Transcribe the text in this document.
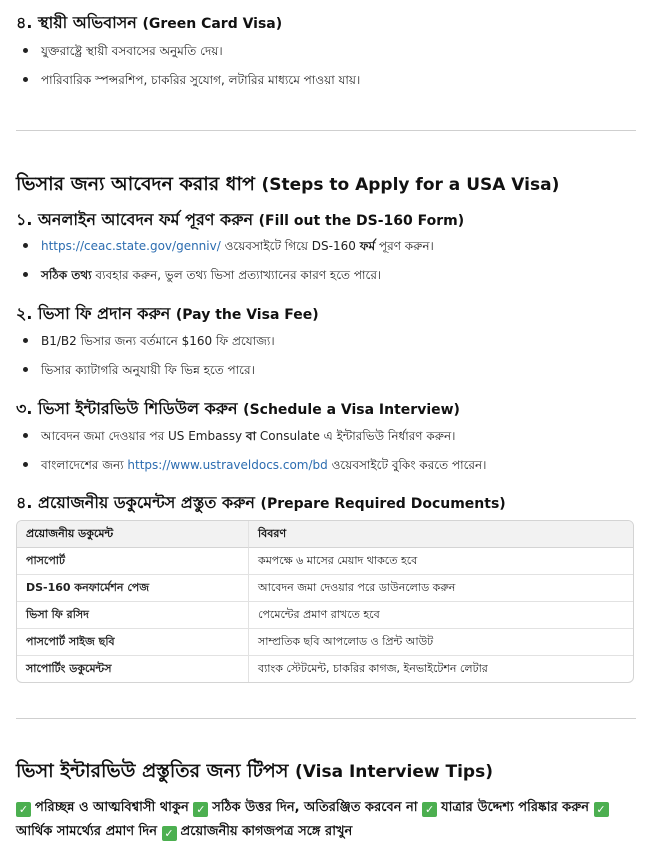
৪. স্থায়ী অভিবাসন (Green Card Visa)
যুক্তরাষ্ট্রে স্থায়ী বসবাসের অনুমতি দেয়।
পারিবারিক স্পন্সরশিপ, চাকরির সুযোগ, লটারির মাধ্যমে পাওয়া যায়।
ভিসার জন্য আবেদন করার ধাপ (Steps to Apply for a USA Visa)
১. অনলাইন আবেদন ফর্ম পূরণ করুন (Fill out the DS-160 Form)
https://ceac.state.gov/genniv/ ওয়েবসাইটে গিয়ে DS-160 ফর্ম পূরণ করুন।
সঠিক তথ্য ব্যবহার করুন, ভুল তথ্য ভিসা প্রত্যাখ্যানের কারণ হতে পারে।
২. ভিসা ফি প্রদান করুন (Pay the Visa Fee)
B1/B2 ভিসার জন্য বর্তমানে $160 ফি প্রযোজ্য।
ভিসার ক্যাটাগরি অনুযায়ী ফি ভিন্ন হতে পারে।
৩. ভিসা ইন্টারভিউ শিডিউল করুন (Schedule a Visa Interview)
আবেদন জমা দেওয়ার পর US Embassy বা Consulate এ ইন্টারভিউ নির্ধারণ করুন।
বাংলাদেশের জন্য https://www.ustraveldocs.com/bd ওয়েবসাইটে বুকিং করতে পারেন।
৪. প্রয়োজনীয় ডকুমেন্টস প্রস্তুত করুন (Prepare Required Documents)
প্রয়োজনীয় ডকুমেন্ট	বিবরণ
পাসপোর্ট	কমপক্ষে ৬ মাসের মেয়াদ থাকতে হবে
DS-160 কনফার্মেশন পেজ	আবেদন জমা দেওয়ার পরে ডাউনলোড করুন
ভিসা ফি রসিদ	পেমেন্টের প্রমাণ রাখতে হবে
পাসপোর্ট সাইজ ছবি	সাম্প্রতিক ছবি আপলোড ও প্রিন্ট আউট
সাপোর্টিং ডকুমেন্টস	ব্যাংক স্টেটমেন্ট, চাকরির কাগজ, ইনভাইটেশন লেটার
ভিসা ইন্টারভিউ প্রস্তুতির জন্য টিপস (Visa Interview Tips)

✓ পরিচ্ছন্ন ও আত্মবিশ্বাসী থাকুন ✓ সঠিক উত্তর দিন, অতিরঞ্জিত করবেন না ✓ যাত্রার উদ্দেশ্য পরিষ্কার করুন ✓আর্থিক সামর্থ্যের প্রমাণ দিন ✓ প্রয়োজনীয় কাগজপত্র সঙ্গে রাখুন
